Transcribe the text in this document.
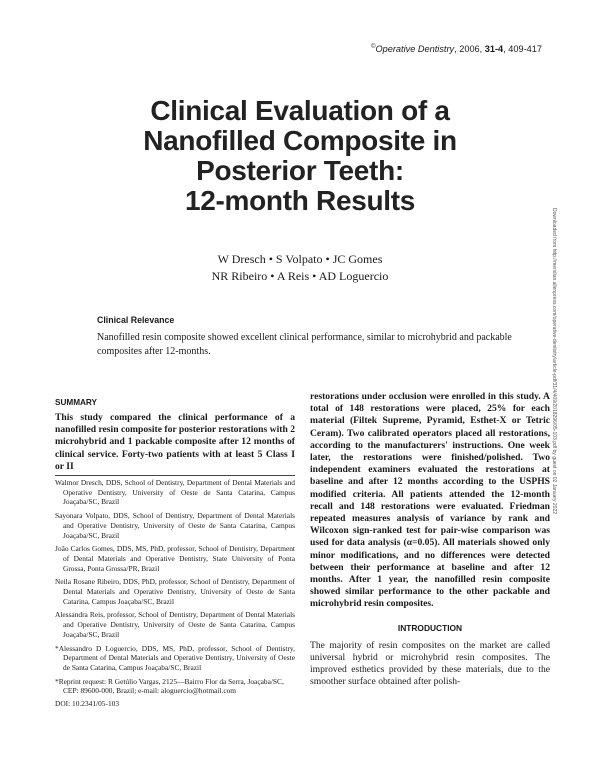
©Operative Dentistry, 2006, 31-4, 409-417
Clinical Evaluation of a
Nanofilled Composite in
Posterior Teeth:
12-month Results
W Dresch • S Volpato • JC Gomes
NR Ribeiro • A Reis • AD Loguercio	Downloaded from http://meridian.allenpress.com/operative-dentistry/article-pdf/31/4/409/2018296/05-103.pdf by guest on 02 January 2022
Clinical Relevance
Nanofilled resin composite showed excellent clinical performance, similar to microhybrid and packable composites after 12-months.
SUMMARY
This study compared the clinical performance of a nanofilled resin composite for posterior restorations with 2 microhybrid and 1 packable composite after 12 months of clinical service. Forty-two patients with at least 5 Class I or II
Walmor Dresch, DDS, School of Dentistry, Department of Dental Materials and Operative Dentistry, University of Oeste de Santa Catarina, Campus Joaçaba/SC, Brazil
Sayonara Volpato, DDS, School of Dentistry, Department of Dental Materials and Operative Dentistry, University of Oeste de Santa Catarina, Campus Joaçaba/SC, Brazil
João Carlos Gomes, DDS, MS, PhD, professor, School of Dentistry, Department of Dental Materials and Operative Dentistry, State University of Ponta Grossa, Ponta Grossa/PR, Brazil
Neila Rosane Ribeiro, DDS, PhD, professor, School of Dentistry, Department of Dental Materials and Operative Dentistry, University of Oeste de Santa Catarina, Campus Joaçaba/SC, Brazil
Alessandra Reis, professor, School of Dentistry, Department of Dental Materials and Operative Dentistry, University of Oeste de Santa Catarina, Campus Joaçaba/SC, Brazil
*Alessandro D Loguercio, DDS, MS, PhD, professor, School of Dentistry, Department of Dental Materials and Operative Dentistry, University of Oeste de Santa Catarina, Campus Joaçaba/SC, Brazil
*Reprint request: R Getúlio Vargas, 2125—Bairro Flor da Serra, Joaçaba/SC, CEP: 89600-000, Brazil; e-mail: aloguercio@hotmail.com
DOI: 10.2341/05-103
restorations under occlusion were enrolled in this study. A total of 148 restorations were placed, 25% for each material (Filtek Supreme, Pyramid, Esthet-X or Tetric Ceram). Two calibrated operators placed all restorations, according to the manufacturers' instructions. One week later, the restorations were finished/polished. Two independent examiners evaluated the restorations at baseline and after 12 months according to the USPHS modified criteria. All patients attended the 12-month recall and 148 restorations were evaluated. Friedman repeated measures analysis of variance by rank and Wilcoxon sign-ranked test for pair-wise comparison was used for data analysis (α=0.05). All materials showed only minor modifications, and no differences were detected between their performance at baseline and after 12 months. After 1 year, the nanofilled resin composite showed similar performance to the other packable and microhybrid resin composites.
INTRODUCTION
The majority of resin composites on the market are called universal hybrid or microhybrid resin composites. The improved esthetics provided by these materials, due to the smoother surface obtained after polish-
